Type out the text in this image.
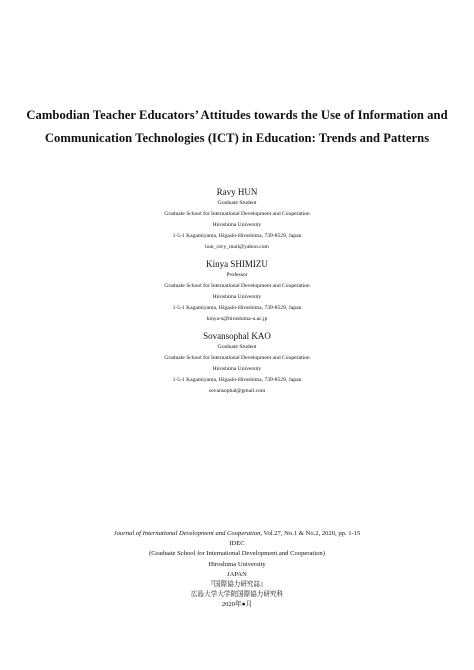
Cambodian Teacher Educators’ Attitudes towards the Use of Information and
Communication Technologies (ICT) in Education: Trends and Patterns
Ravy HUN
Graduate Student
Graduate School for International Development and Cooperation
Hiroshima University
1-5-1 Kagamiyama, Higashi-Hiroshima, 739-8529, Japan
hun_ravy_mail@yahoo.com
Kinya SHIMIZU
Professor
Graduate School for International Development and Cooperation
Hiroshima University
1-5-1 Kagamiyama, Higashi-Hiroshima, 739-8529, Japan
kinya-s@hiroshima-u.ac.jp
Sovansophal KAO
Graduate Student
Graduate School for International Development and Cooperation
Hiroshima University
1-5-1 Kagamiyama, Higashi-Hiroshima, 739-8529, Japan
sovansophal@gmail.com
Journal of International Development and Cooperation, Vol.27, No.1 & No.2, 2020, pp. 1-15
IDEC
(Graduate School for International Development and Cooperation)
Hiroshima University
JAPAN
『国際協力研究誌』
広島大学大学院国際協力研究科
2020年●月
